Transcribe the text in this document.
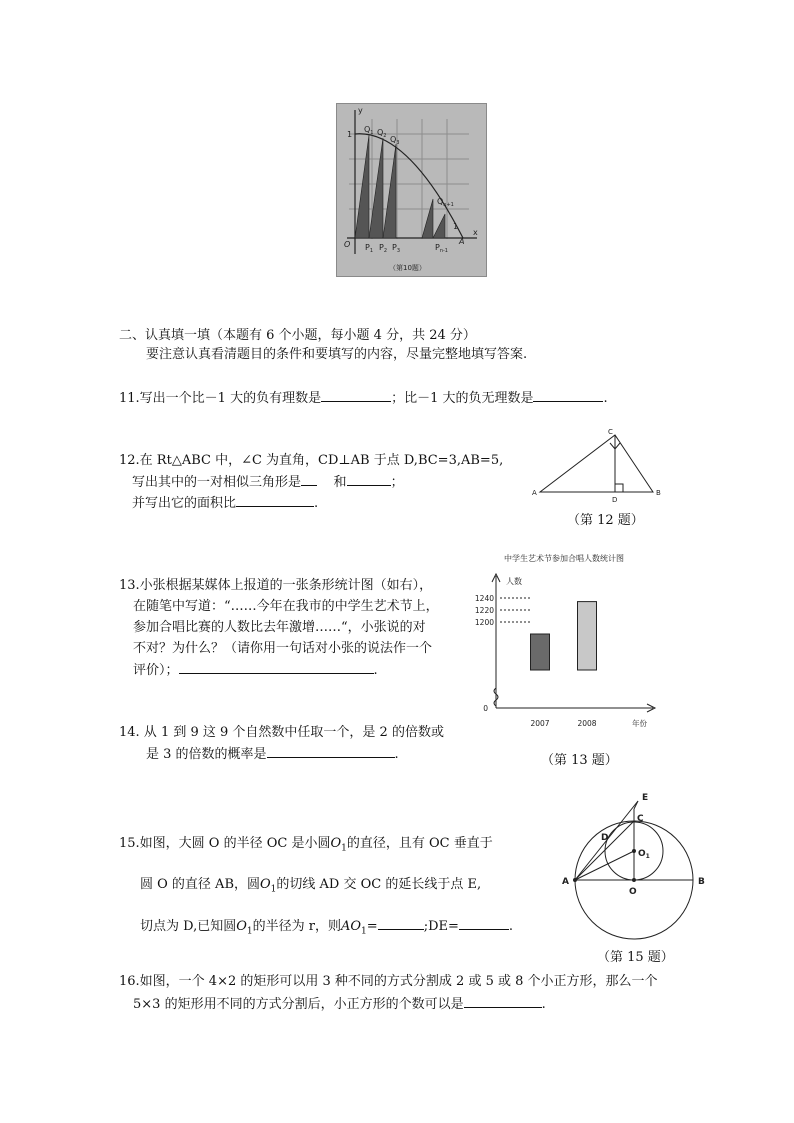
y
x
1
1
O	A
$Q_1$ $Q_2$ $Q_3$
$Q_{n+1}$
$P_1$ $P_2$ $P_3$	$P_{n-1}$
（第10题）
二、认真填一填（本题有 6 个小题，每小题 4 分，共 24 分）
要注意认真看清题目的条件和要填写的内容，尽量完整地填写答案.
11.写出一个比－1 大的负有理数是	；比－1 大的负无理数是	.
12.在 Rt△ABC 中，∠C 为直角，CD⊥AB 于点 D,BC=3,AB=5,
写出其中的一对相似三角形是	和	；
并写出它的面积比	.
A	B
C
D
（第 12 题）
13.小张根据某媒体上报道的一张条形统计图（如右），
在随笔中写道：“……今年在我市的中学生艺术节上，
参加合唱比赛的人数比去年激增……“，小张说的对
不对？为什么？（请你用一句话对小张的说法作一个
评价）；	.
中学生艺术节参加合唱人数统计图
人数
0
1200
1220
1240
2007	2008	年份
（第 13 题）
14. 从 1 到 9 这 9 个自然数中任取一个，是 2 的倍数或
是 3 的倍数的概率是	.
15.如图，大圆 O 的半径 OC 是小圆$O_1$的直径，且有 OC 垂直于
圆 O 的直径 AB，圆$O_1$的切线 AD 交 OC 的延长线于点 E,
切点为 D,已知圆$O_1$的半径为 r，则$AO_1=$	;DE=	.
A	B
C
D
E
O
$O_1$
（第 15 题）
16.如图，一个 4×2 的矩形可以用 3 种不同的方式分割成 2 或 5 或 8 个小正方形，那么一个
5×3 的矩形用不同的方式分割后，小正方形的个数可以是	.
